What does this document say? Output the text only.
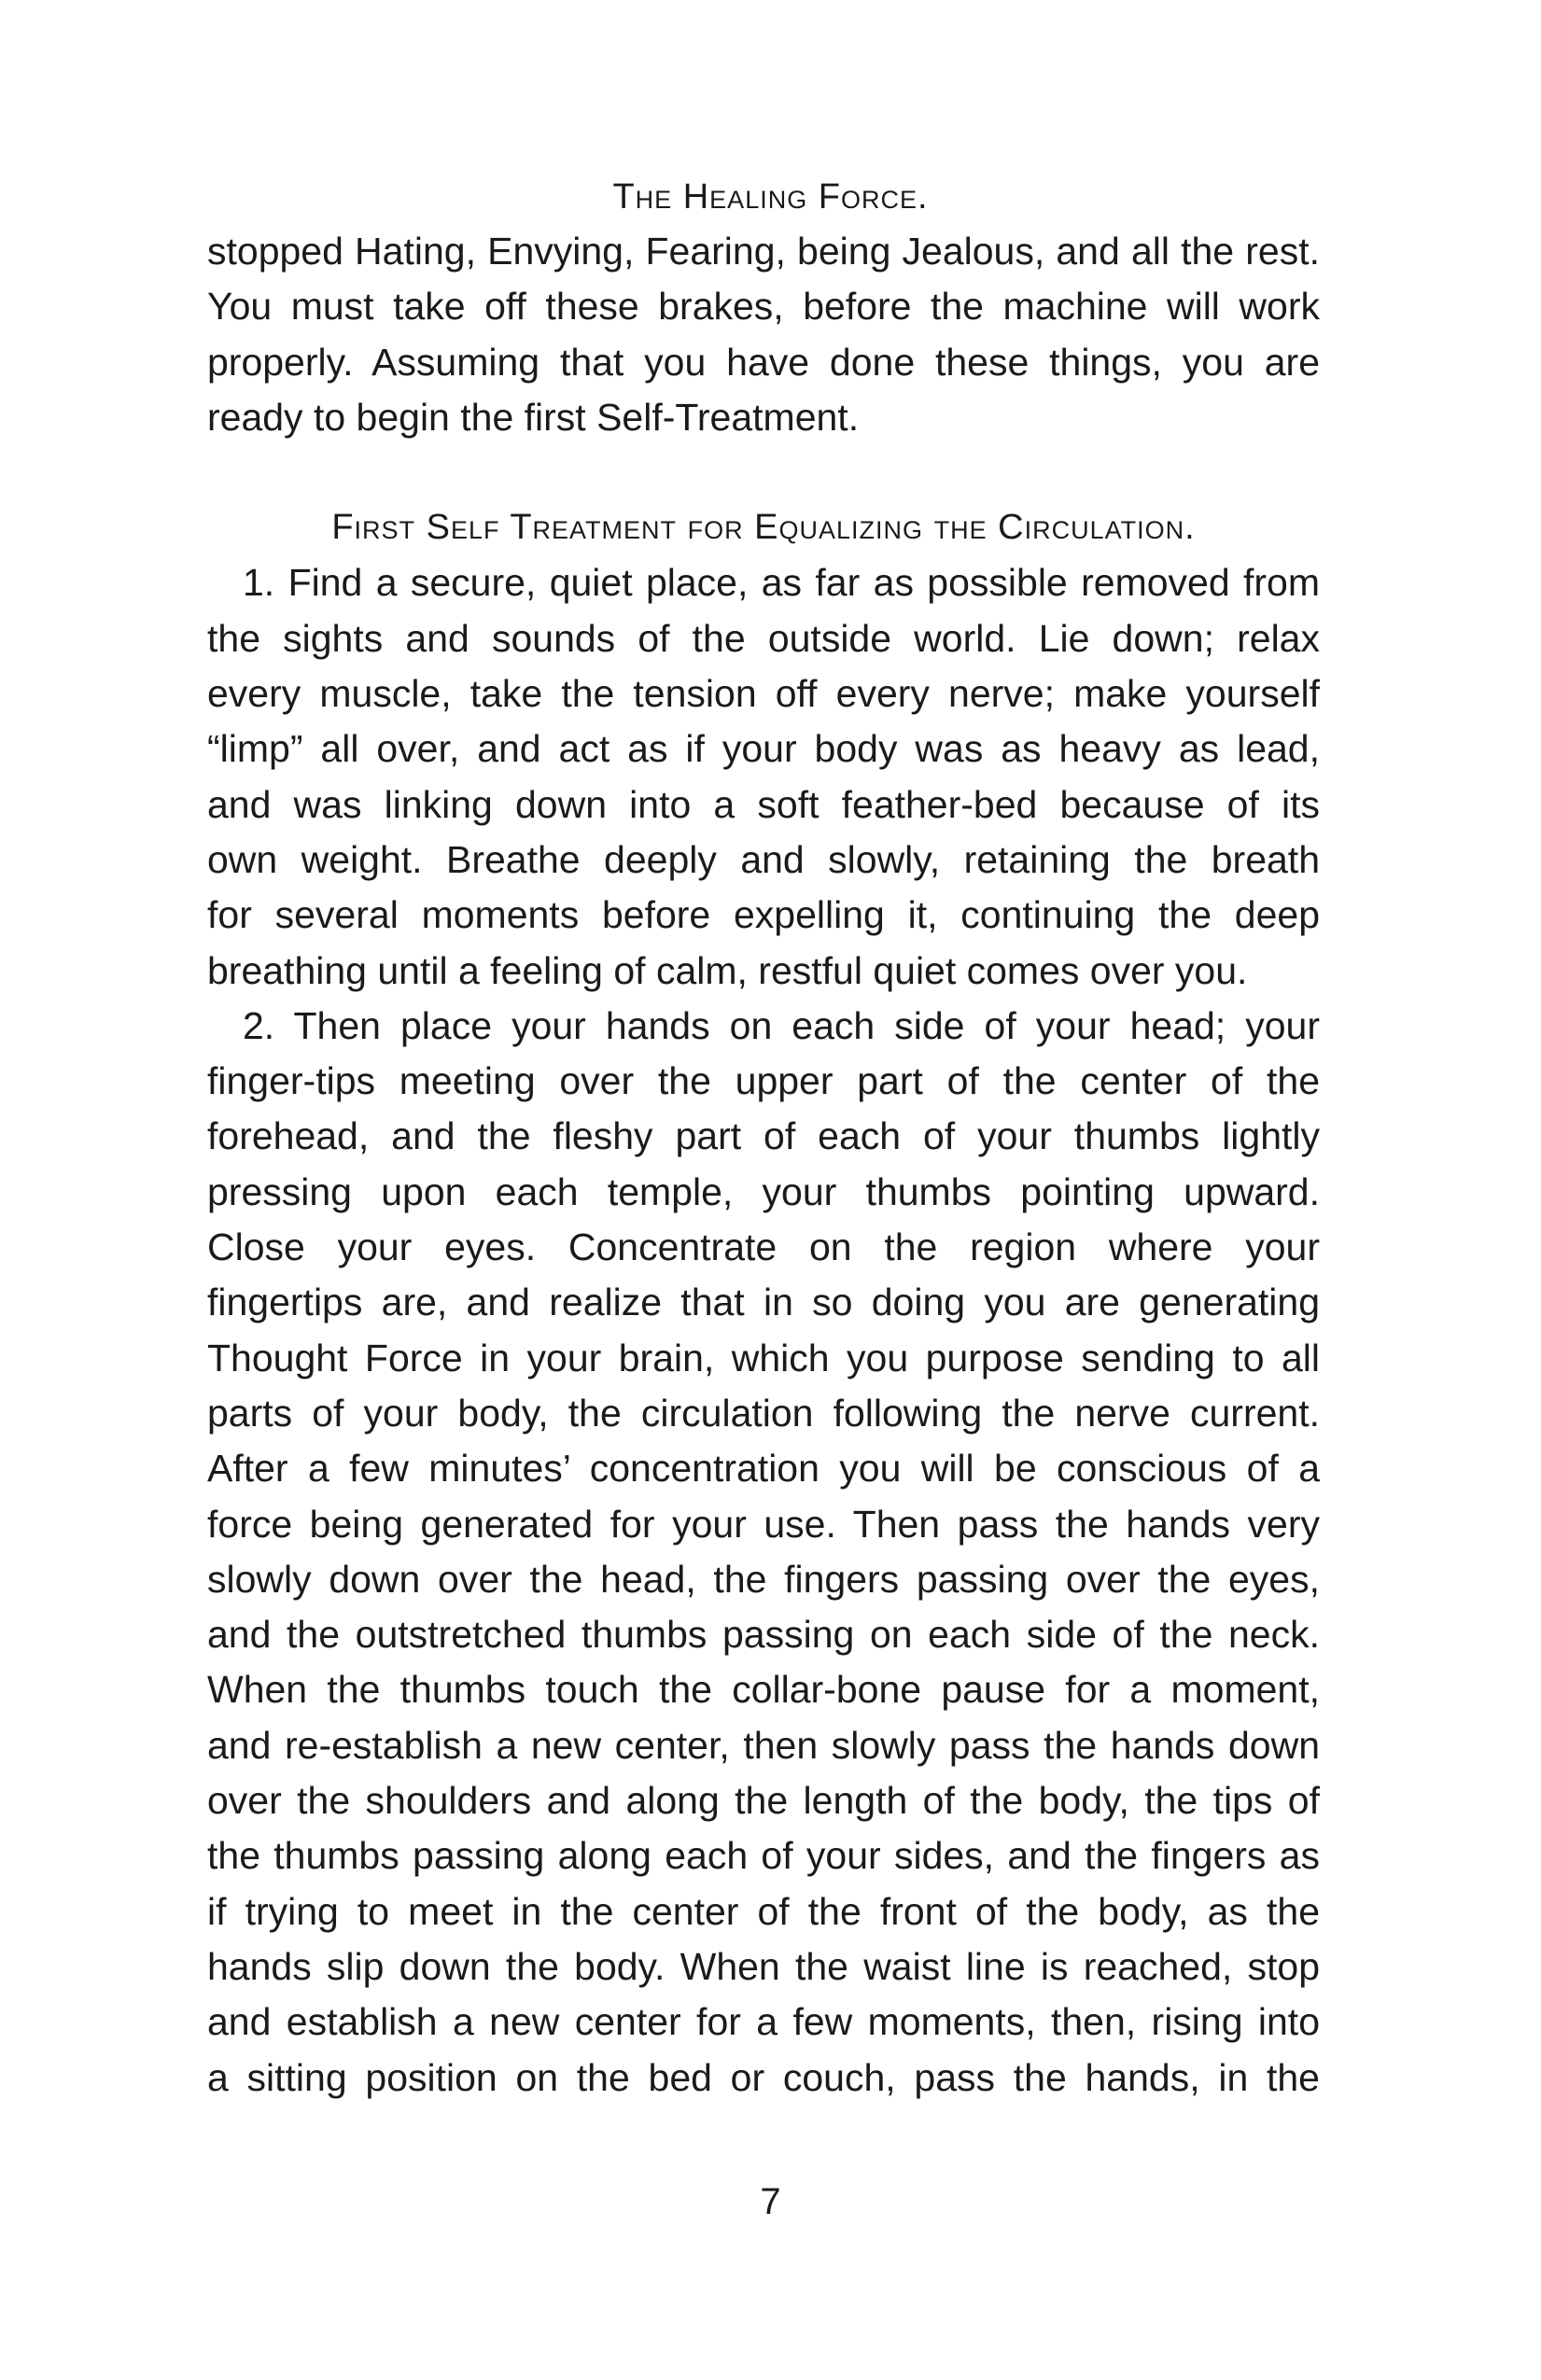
The Healing Force.
stopped Hating, Envying, Fearing, being Jealous, and all the rest.
You must take off these brakes, before the machine will work
properly. Assuming that you have done these things, you are
ready to begin the first Self-Treatment.
First Self Treatment for Equalizing the Circulation.
1. Find a secure, quiet place, as far as possible removed from
the sights and sounds of the outside world. Lie down; relax
every muscle, take the tension off every nerve; make yourself
“limp” all over, and act as if your body was as heavy as lead,
and was linking down into a soft feather-bed because of its
own weight. Breathe deeply and slowly, retaining the breath
for several moments before expelling it, continuing the deep
breathing until a feeling of calm, restful quiet comes over you.
2. Then place your hands on each side of your head; your
finger-tips meeting over the upper part of the center of the
forehead, and the fleshy part of each of your thumbs lightly
pressing upon each temple, your thumbs pointing upward.
Close your eyes. Concentrate on the region where your
fingertips are, and realize that in so doing you are generating
Thought Force in your brain, which you purpose sending to all
parts of your body, the circulation following the nerve current.
After a few minutes’ concentration you will be conscious of a
force being generated for your use. Then pass the hands very
slowly down over the head, the fingers passing over the eyes,
and the outstretched thumbs passing on each side of the neck.
When the thumbs touch the collar-bone pause for a moment,
and re-establish a new center, then slowly pass the hands down
over the shoulders and along the length of the body, the tips of
the thumbs passing along each of your sides, and the fingers as
if trying to meet in the center of the front of the body, as the
hands slip down the body. When the waist line is reached, stop
and establish a new center for a few moments, then, rising into
a sitting position on the bed or couch, pass the hands, in the
7
